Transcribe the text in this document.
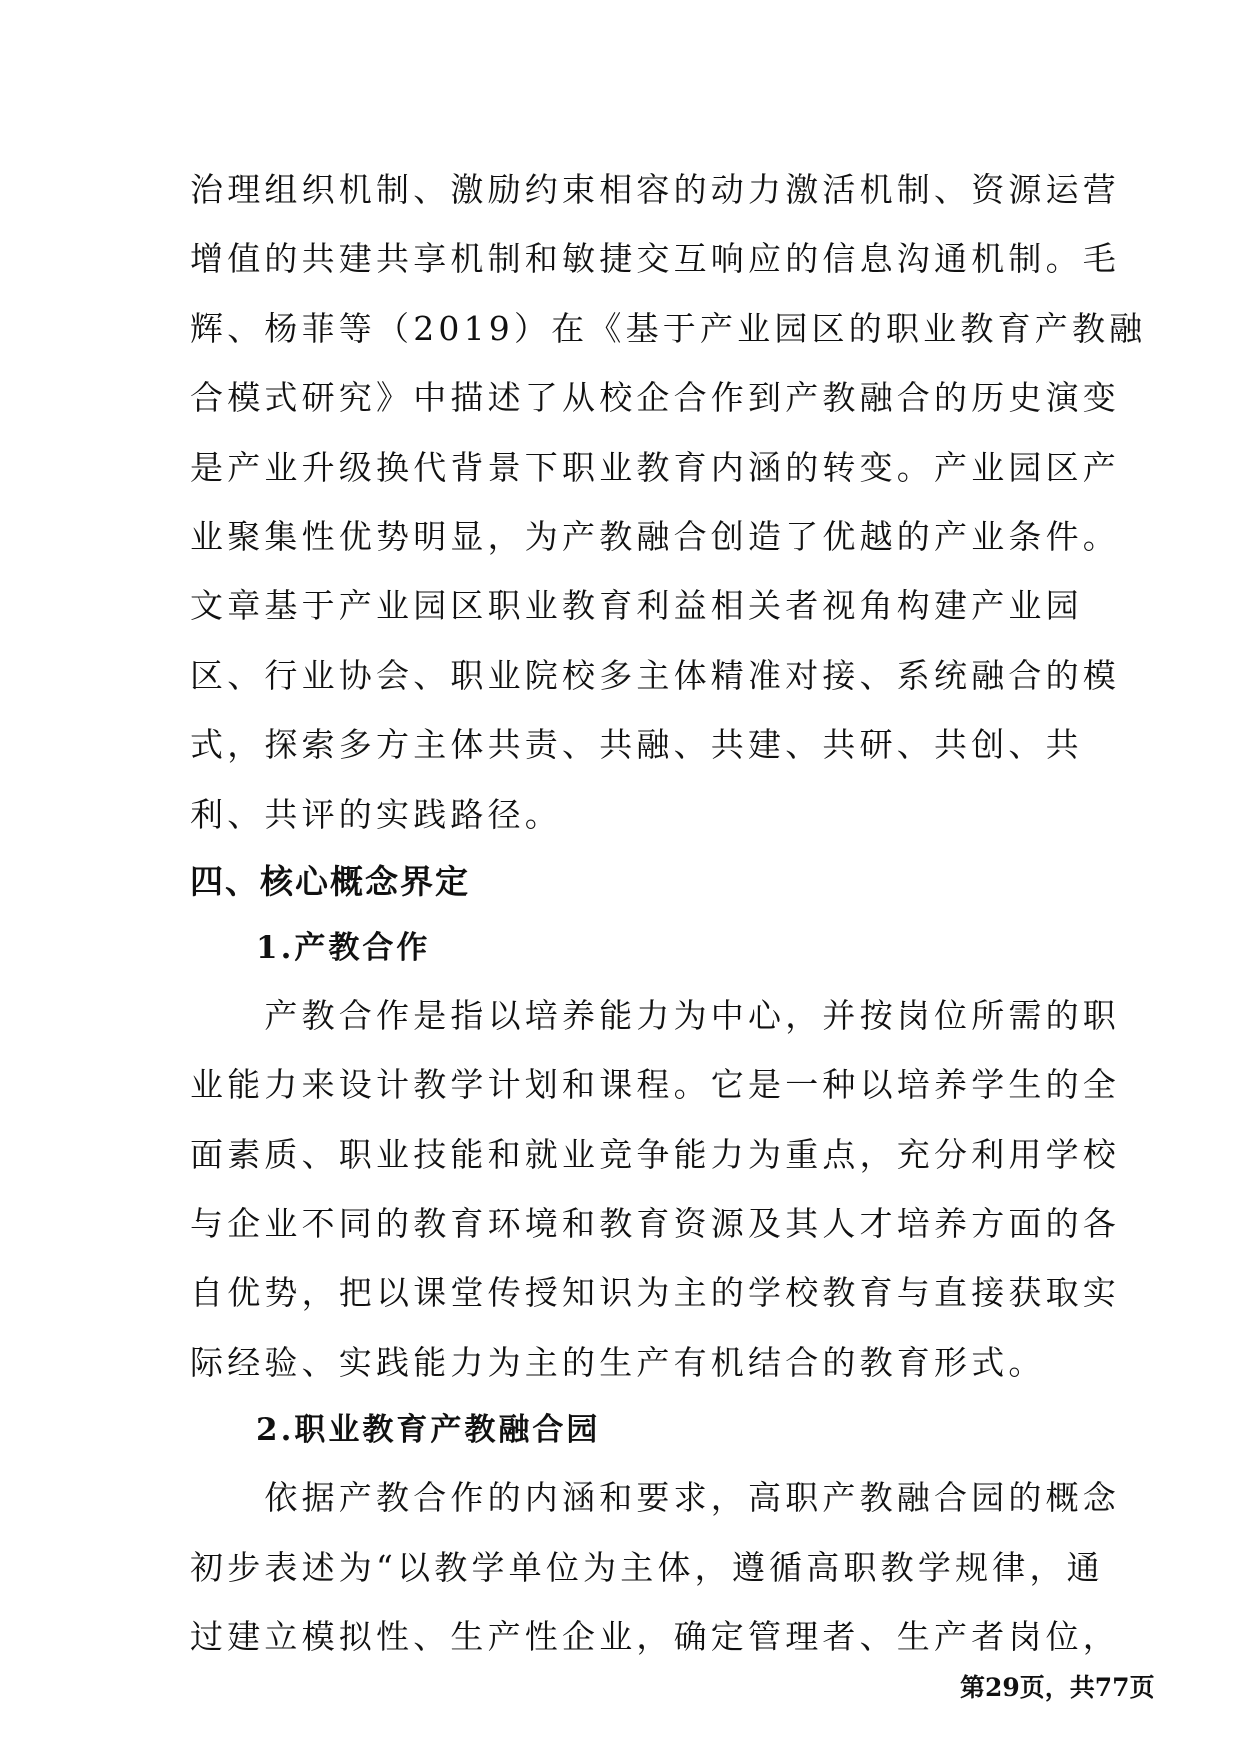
治理组织机制、激励约束相容的动力激活机制、资源运营
增值的共建共享机制和敏捷交互响应的信息沟通机制。毛
辉、杨菲等（2019）在《基于产业园区的职业教育产教融
合模式研究》中描述了从校企合作到产教融合的历史演变
是产业升级换代背景下职业教育内涵的转变。产业园区产
业聚集性优势明显，为产教融合创造了优越的产业条件。
文章基于产业园区职业教育利益相关者视角构建产业园
区、行业协会、职业院校多主体精准对接、系统融合的模
式，探索多方主体共责、共融、共建、共研、共创、共
利、共评的实践路径。
四、核心概念界定
1.产教合作
　　产教合作是指以培养能力为中心，并按岗位所需的职
业能力来设计教学计划和课程。它是一种以培养学生的全
面素质、职业技能和就业竞争能力为重点，充分利用学校
与企业不同的教育环境和教育资源及其人才培养方面的各
自优势，把以课堂传授知识为主的学校教育与直接获取实
际经验、实践能力为主的生产有机结合的教育形式。
2.职业教育产教融合园
　　依据产教合作的内涵和要求，高职产教融合园的概念
初步表述为“以教学单位为主体，遵循高职教学规律，通
过建立模拟性、生产性企业，确定管理者、生产者岗位，
第29页，共77页
